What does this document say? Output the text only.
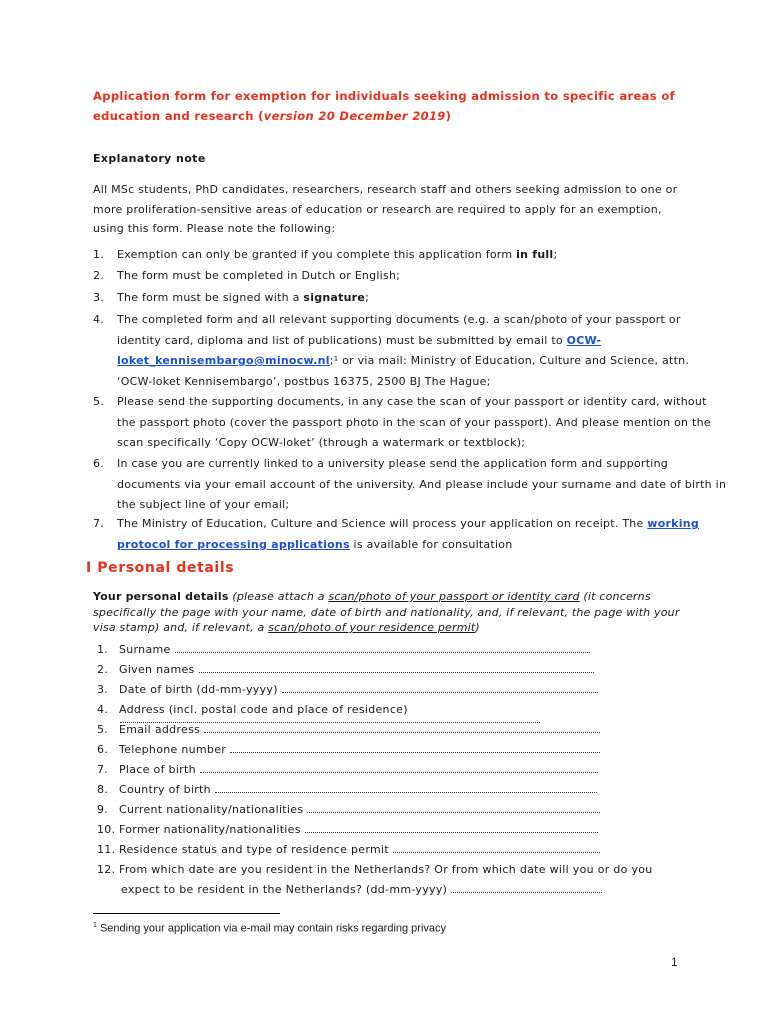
Application form for exemption for individuals seeking admission to specific areas of
education and research (version 20 December 2019)
Explanatory note
All MSc students, PhD candidates, researchers, research staff and others seeking admission to one or more proliferation-sensitive areas of education or research are required to apply for an exemption, using this form. Please note the following:
1.	Exemption can only be granted if you complete this application form in full;
2.	The form must be completed in Dutch or English;
3.	The form must be signed with a signature;
4.	The completed form and all relevant supporting documents (e.g. a scan/photo of your passport or identity card, diploma and list of publications) must be submitted by email to OCW-loket_kennisembargo@minocw.nl;¹ or via mail: Ministry of Education, Culture and Science, attn. ‘OCW-loket Kennisembargo’, postbus 16375, 2500 BJ The Hague;
5.	Please send the supporting documents, in any case the scan of your passport or identity card, without the passport photo (cover the passport photo in the scan of your passport). And please mention on the scan specifically ‘Copy OCW-loket’ (through a watermark or textblock);
6.	In case you are currently linked to a university please send the application form and supporting documents via your email account of the university. And please include your surname and date of birth in the subject line of your email;
7.	The Ministry of Education, Culture and Science will process your application on receipt. The working protocol for processing applications is available for consultation
I Personal details
Your personal details (please attach a scan/photo of your passport or identity card (it concerns specifically the page with your name, date of birth and nationality, and, if relevant, the page with your visa stamp) and, if relevant, a scan/photo of your residence permit)
1. Surname
2. Given names
3. Date of birth (dd-mm-yyyy)
4. Address (incl. postal code and place of residence)
5. Email address
6. Telephone number
7. Place of birth
8. Country of birth
9. Current nationality/nationalities
10. Former nationality/nationalities
11. Residence status and type of residence permit
12. From which date are you resident in the Netherlands? Or from which date will you or do you
expect to be resident in the Netherlands? (dd-mm-yyyy)
$^1$ Sending your application via e-mail may contain risks regarding privacy
1
